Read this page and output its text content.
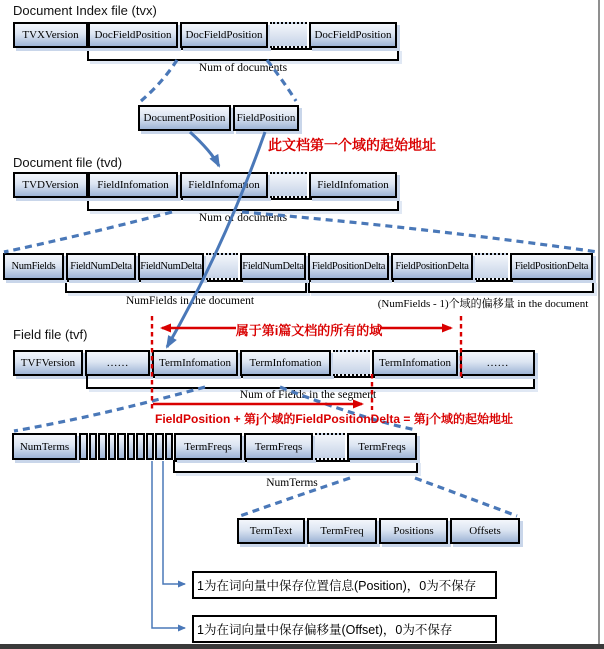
Document Index file (tvx)
TVXVersion	DocFieldPosition	DocFieldPosition	DocFieldPosition
Num of documents
DocumentPosition	FieldPosition
此文档第一个域的起始地址
Document file (tvd)
TVDVersion	FieldInfomation	FieldInfomation	FieldInfomation
Num of documents
NumFields	FieldNumDelta FieldNumDelta	FieldNumDelta FieldPositionDelta FieldPositionDelta	FieldPositionDelta
NumFields in the document	(NumFields - 1)个域的偏移量 in the document
Field file (tvf)	属于第i篇文档的所有的域
TVFVersion	……	TermInfomation	TermInfomation	TermInfomation	……
Num of Fields in the segment
FieldPosition + 第j个域的FieldPositionDelta = 第j个域的起始地址
NumTerms	TermFreqs	TermFreqs	TermFreqs
NumTerms
TermText	TermFreq	Positions	Offsets
1为在词向量中保存位置信息(Position)，0为不保存
1为在词向量中保存偏移量(Offset)，0为不保存
